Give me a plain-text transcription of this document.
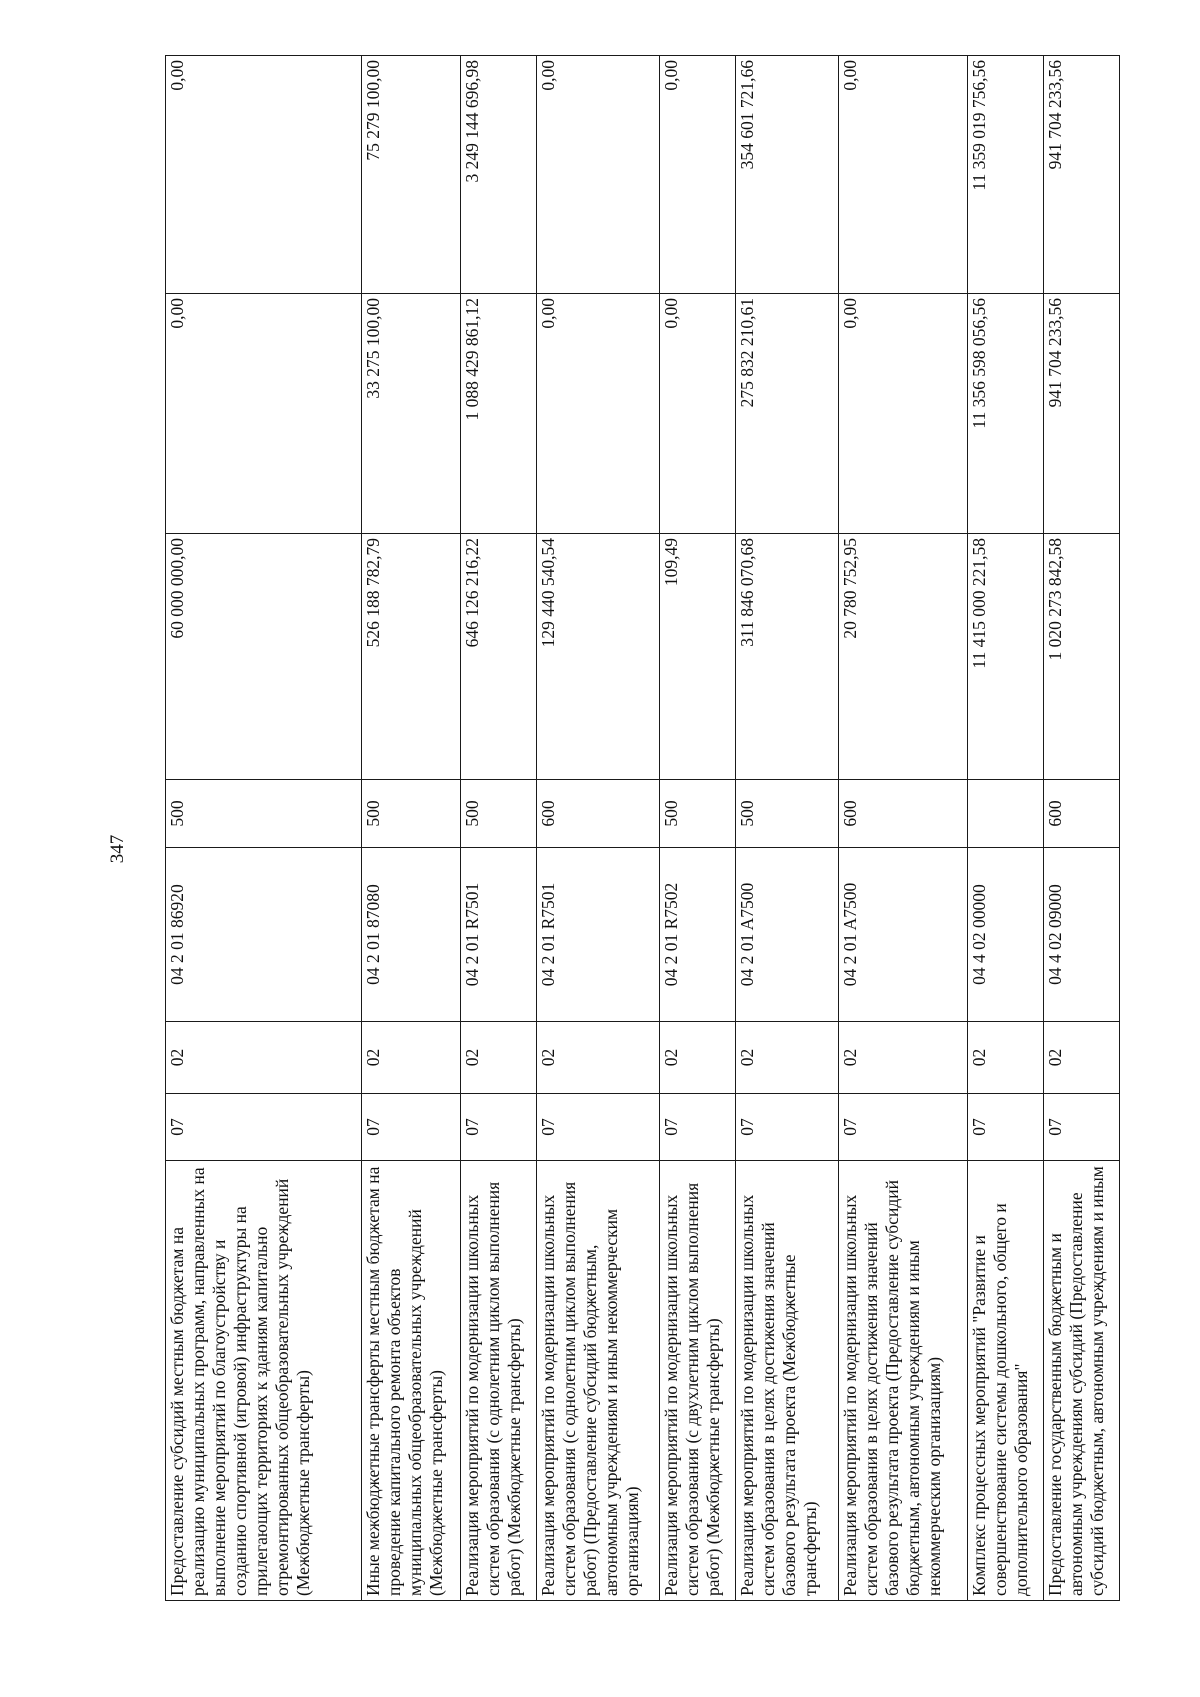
347
Предоставление субсидий местным бюджетам на реализацию муниципальных программ, направленных на выполнение мероприятий по благоустройству и созданию спортивной (игровой) инфраструктуры на прилегающих территориях к зданиям капитально отремонтированных общеобразовательных учреждений (Межбюджетные трансферты)	07	02	04 2 01 86920	500	60 000 000,00	0,00	0,00
Иные межбюджетные трансферты местным бюджетам на проведение капитального ремонта объектов муниципальных общеобразовательных учреждений (Межбюджетные трансферты)	07	02	04 2 01 87080	500	526 188 782,79	33 275 100,00	75 279 100,00
Реализация мероприятий по модернизации школьных систем образования (с однолетним циклом выполнения работ) (Межбюджетные трансферты)	07	02	04 2 01 R7501	500	646 126 216,22	1 088 429 861,12	3 249 144 696,98
Реализация мероприятий по модернизации школьных систем образования (с однолетним циклом выполнения работ) (Предоставление субсидий бюджетным, автономным учреждениям и иным некоммерческим организациям)	07	02	04 2 01 R7501	600	129 440 540,54	0,00	0,00
Реализация мероприятий по модернизации школьных систем образования (с двухлетним циклом выполнения работ) (Межбюджетные трансферты)	07	02	04 2 01 R7502	500	109,49	0,00	0,00
Реализация мероприятий по модернизации школьных систем образования в целях достижения значений базового результата проекта (Межбюджетные трансферты)	07	02	04 2 01 A7500	500	311 846 070,68	275 832 210,61	354 601 721,66
Реализация мероприятий по модернизации школьных систем образования в целях достижения значений базового результата проекта (Предоставление субсидий бюджетным, автономным учреждениям и иным некоммерческим организациям)	07	02	04 2 01 A7500	600	20 780 752,95	0,00	0,00
Комплекс процессных мероприятий "Развитие и совершенствование системы дошкольного, общего и дополнительного образования"	07	02	04 4 02 00000		11 415 000 221,58	11 356 598 056,56	11 359 019 756,56
Предоставление государственным бюджетным и автономным учреждениям субсидий (Предоставление субсидий бюджетным, автономным учреждениям и иным	07	02	04 4 02 09000	600	1 020 273 842,58	941 704 233,56	941 704 233,56
